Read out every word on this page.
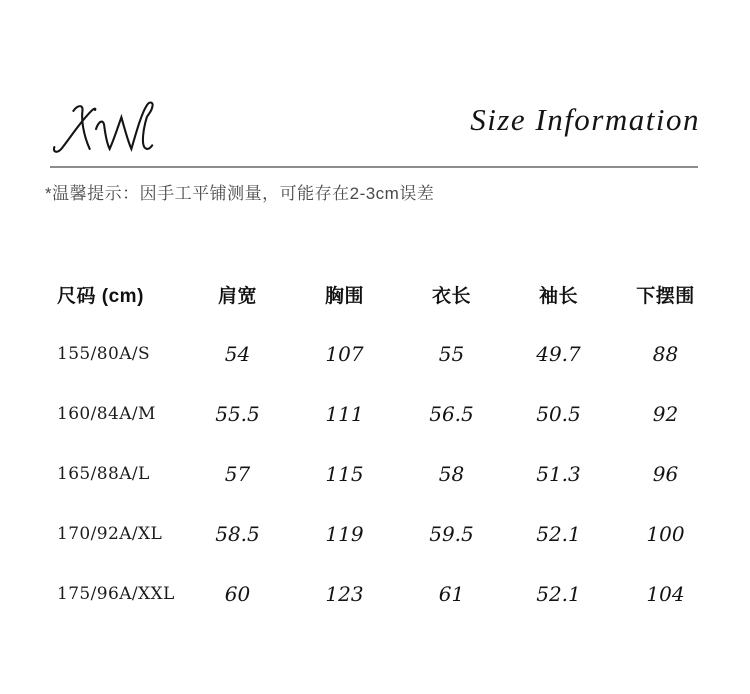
Size Information
*温馨提示：因手工平铺测量，可能存在2-3cm误差
尺码 (cm)	肩宽	胸围	衣长	袖长	下摆围
155/80A/S	54	107	55	49.7	88
160/84A/M	55.5	111	56.5	50.5	92
165/88A/L	57	115	58	51.3	96
170/92A/XL	58.5	119	59.5	52.1	100
175/96A/XXL	60	123	61	52.1	104
